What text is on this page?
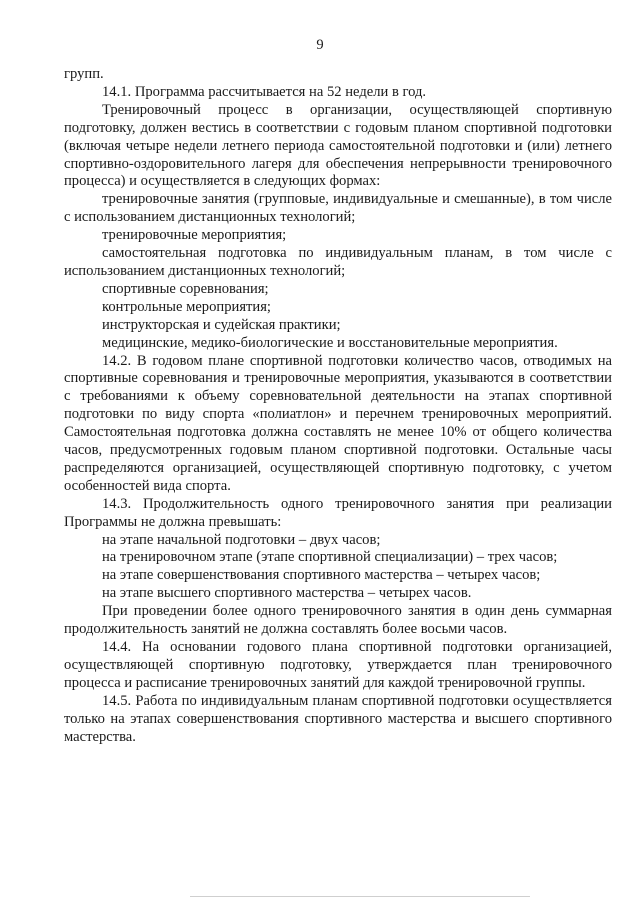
9

групп.

14.1. Программа рассчитывается на 52 недели в год.

Тренировочный процесс в организации, осуществляющей спортивную подготовку, должен вестись в соответствии с годовым планом спортивной подготовки (включая четыре недели летнего периода самостоятельной подготовки и (или) летнего спортивно-оздоровительного лагеря для обеспечения непрерывности тренировочного процесса) и осуществляется в следующих формах:

тренировочные занятия (групповые, индивидуальные и смешанные), в том числе с использованием дистанционных технологий;

тренировочные мероприятия;

самостоятельная подготовка по индивидуальным планам, в том числе с использованием дистанционных технологий;

спортивные соревнования;

контрольные мероприятия;

инструкторская и судейская практики;

медицинские, медико-биологические и восстановительные мероприятия.

14.2. В годовом плане спортивной подготовки количество часов, отводимых на спортивные соревнования и тренировочные мероприятия, указываются в соответствии с требованиями к объему соревновательной деятельности на этапах спортивной подготовки по виду спорта «полиатлон» и перечнем тренировочных мероприятий. Самостоятельная подготовка должна составлять не менее 10% от общего количества часов, предусмотренных годовым планом спортивной подготовки. Остальные часы распределяются организацией, осуществляющей спортивную подготовку, с учетом особенностей вида спорта.

14.3. Продолжительность одного тренировочного занятия при реализации Программы не должна превышать:

на этапе начальной подготовки – двух часов;

на тренировочном этапе (этапе спортивной специализации) – трех часов;

на этапе совершенствования спортивного мастерства – четырех часов;

на этапе высшего спортивного мастерства – четырех часов.

При проведении более одного тренировочного занятия в один день суммарная продолжительность занятий не должна составлять более восьми часов.

14.4. На основании годового плана спортивной подготовки организацией, осуществляющей спортивную подготовку, утверждается план тренировочного процесса и расписание тренировочных занятий для каждой тренировочной группы.

14.5. Работа по индивидуальным планам спортивной подготовки осуществляется только на этапах совершенствования спортивного мастерства и высшего спортивного мастерства.
